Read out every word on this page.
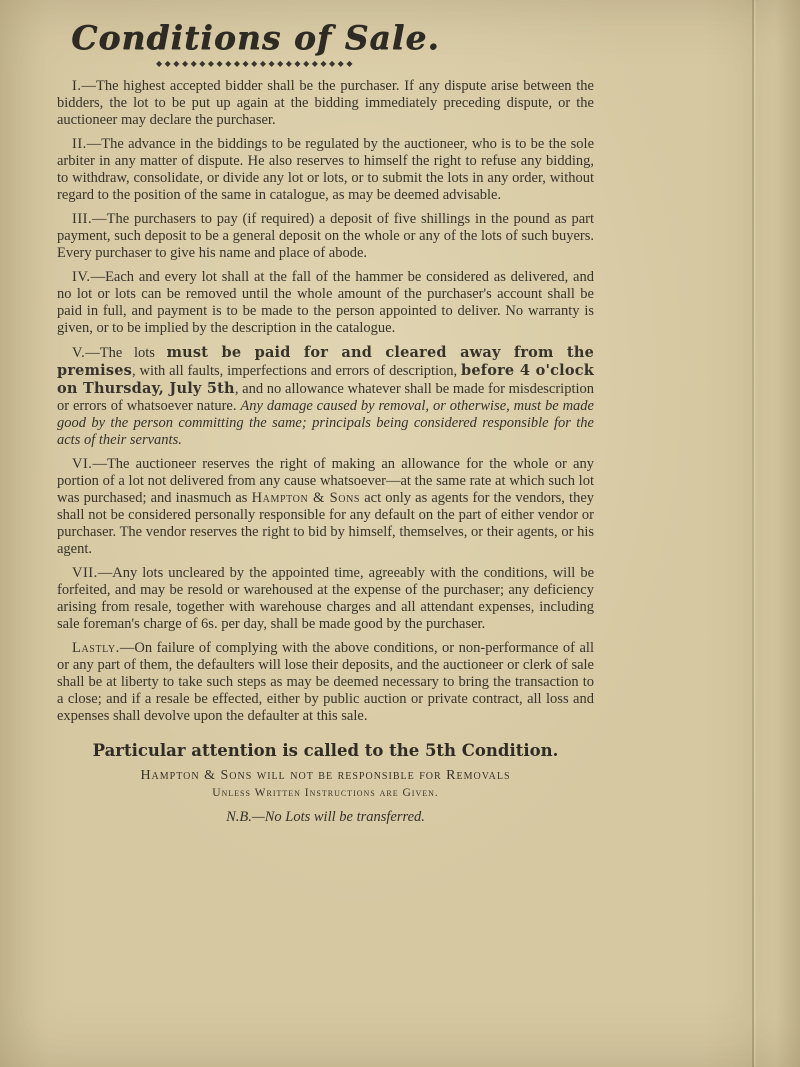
Conditions of Sale.
◆◆◆◆◆◆◆◆◆◆◆◆◆◆◆◆◆◆◆◆◆◆◆

I.—The highest accepted bidder shall be the purchaser. If any dispute arise between the bidders, the lot to be put up again at the bidding immediately preceding dispute, or the auctioneer may declare the purchaser.

II.—The advance in the biddings to be regulated by the auctioneer, who is to be the sole arbiter in any matter of dispute. He also reserves to himself the right to refuse any bidding, to withdraw, consolidate, or divide any lot or lots, or to submit the lots in any order, without regard to the position of the same in catalogue, as may be deemed advisable.

III.—The purchasers to pay (if required) a deposit of five shillings in the pound as part payment, such deposit to be a general deposit on the whole or any of the lots of such buyers. Every purchaser to give his name and place of abode.

IV.—Each and every lot shall at the fall of the hammer be considered as delivered, and no lot or lots can be removed until the whole amount of the purchaser's account shall be paid in full, and payment is to be made to the person appointed to deliver. No warranty is given, or to be implied by the description in the catalogue.

V.—The lots must be paid for and cleared away from the premises, with all faults, imperfections and errors of description, before 4 o'clock on Thursday, July 5th, and no allowance whatever shall be made for misdescription or errors of whatsoever nature. Any damage caused by removal, or otherwise, must be made good by the person committing the same; principals being considered responsible for the acts of their servants.

VI.—The auctioneer reserves the right of making an allowance for the whole or any portion of a lot not delivered from any cause whatsoever—at the same rate at which such lot was purchased; and inasmuch as Hampton & Sons act only as agents for the vendors, they shall not be considered personally responsible for any default on the part of either vendor or purchaser. The vendor reserves the right to bid by himself, themselves, or their agents, or his agent.

VII.—Any lots uncleared by the appointed time, agreeably with the conditions, will be forfeited, and may be resold or warehoused at the expense of the purchaser; any deficiency arising from resale, together with warehouse charges and all attendant expenses, including sale foreman's charge of 6s. per day, shall be made good by the purchaser.

Lastly.—On failure of complying with the above conditions, or non-performance of all or any part of them, the defaulters will lose their deposits, and the auctioneer or clerk of sale shall be at liberty to take such steps as may be deemed necessary to bring the transaction to a close; and if a resale be effected, either by public auction or private contract, all loss and expenses shall devolve upon the defaulter at this sale.

Particular attention is called to the 5th Condition.

Hampton & Sons will not be responsible for Removals

Unless Written Instructions are Given.

N.B.—No Lots will be transferred.
